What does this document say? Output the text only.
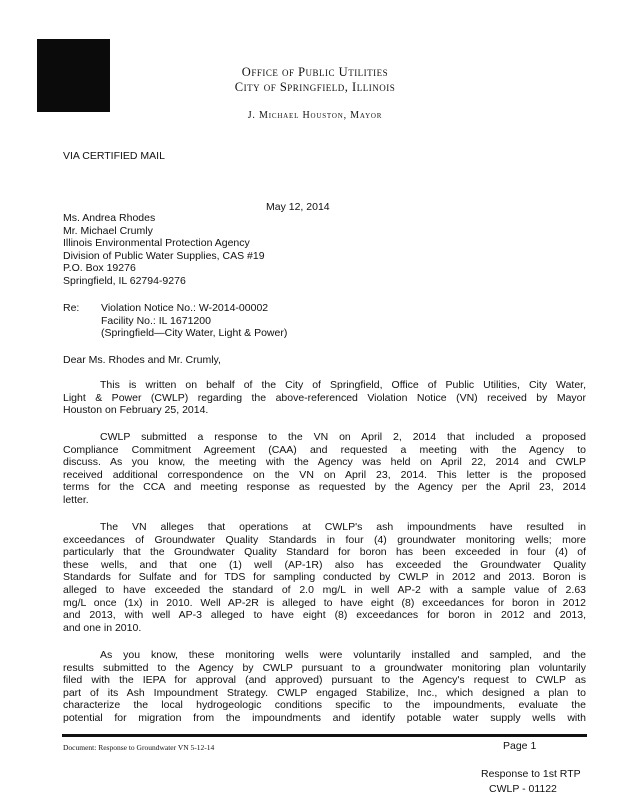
Office of Public Utilities
City of Springfield, Illinois
J. Michael Houston, Mayor
VIA CERTIFIED MAIL
May 12, 2014
Ms. Andrea Rhodes
Mr. Michael Crumly
Illinois Environmental Protection Agency
Division of Public Water Supplies, CAS #19
P.O. Box 19276
Springfield, IL 62794-9276
Re: Violation Notice No.: W-2014-00002
Facility No.: IL 1671200
(Springfield—City Water, Light & Power)
Dear Ms. Rhodes and Mr. Crumly,
This is written on behalf of the City of Springfield, Office of Public Utilities, City Water,
Light & Power (CWLP) regarding the above-referenced Violation Notice (VN) received by Mayor
Houston on February 25, 2014.
CWLP submitted a response to the VN on April 2, 2014 that included a proposed
Compliance Commitment Agreement (CAA) and requested a meeting with the Agency to
discuss. As you know, the meeting with the Agency was held on April 22, 2014 and CWLP
received additional correspondence on the VN on April 23, 2014. This letter is the proposed
terms for the CCA and meeting response as requested by the Agency per the April 23, 2014
letter.
The VN alleges that operations at CWLP's ash impoundments have resulted in
exceedances of Groundwater Quality Standards in four (4) groundwater monitoring wells; more
particularly that the Groundwater Quality Standard for boron has been exceeded in four (4) of
these wells, and that one (1) well (AP-1R) also has exceeded the Groundwater Quality
Standards for Sulfate and for TDS for sampling conducted by CWLP in 2012 and 2013. Boron is
alleged to have exceeded the standard of 2.0 mg/L in well AP-2 with a sample value of 2.63
mg/L once (1x) in 2010. Well AP-2R is alleged to have eight (8) exceedances for boron in 2012
and 2013, with well AP-3 alleged to have eight (8) exceedances for boron in 2012 and 2013,
and one in 2010.
As you know, these monitoring wells were voluntarily installed and sampled, and the
results submitted to the Agency by CWLP pursuant to a groundwater monitoring plan voluntarily
filed with the IEPA for approval (and approved) pursuant to the Agency's request to CWLP as
part of its Ash Impoundment Strategy. CWLP engaged Stabilize, Inc., which designed a plan to
characterize the local hydrogeologic conditions specific to the impoundments, evaluate the
potential for migration from the impoundments and identify potable water supply wells with
Document: Response to Groundwater VN 5-12-14	Page 1
Response to 1st RTP
CWLP - 01122
